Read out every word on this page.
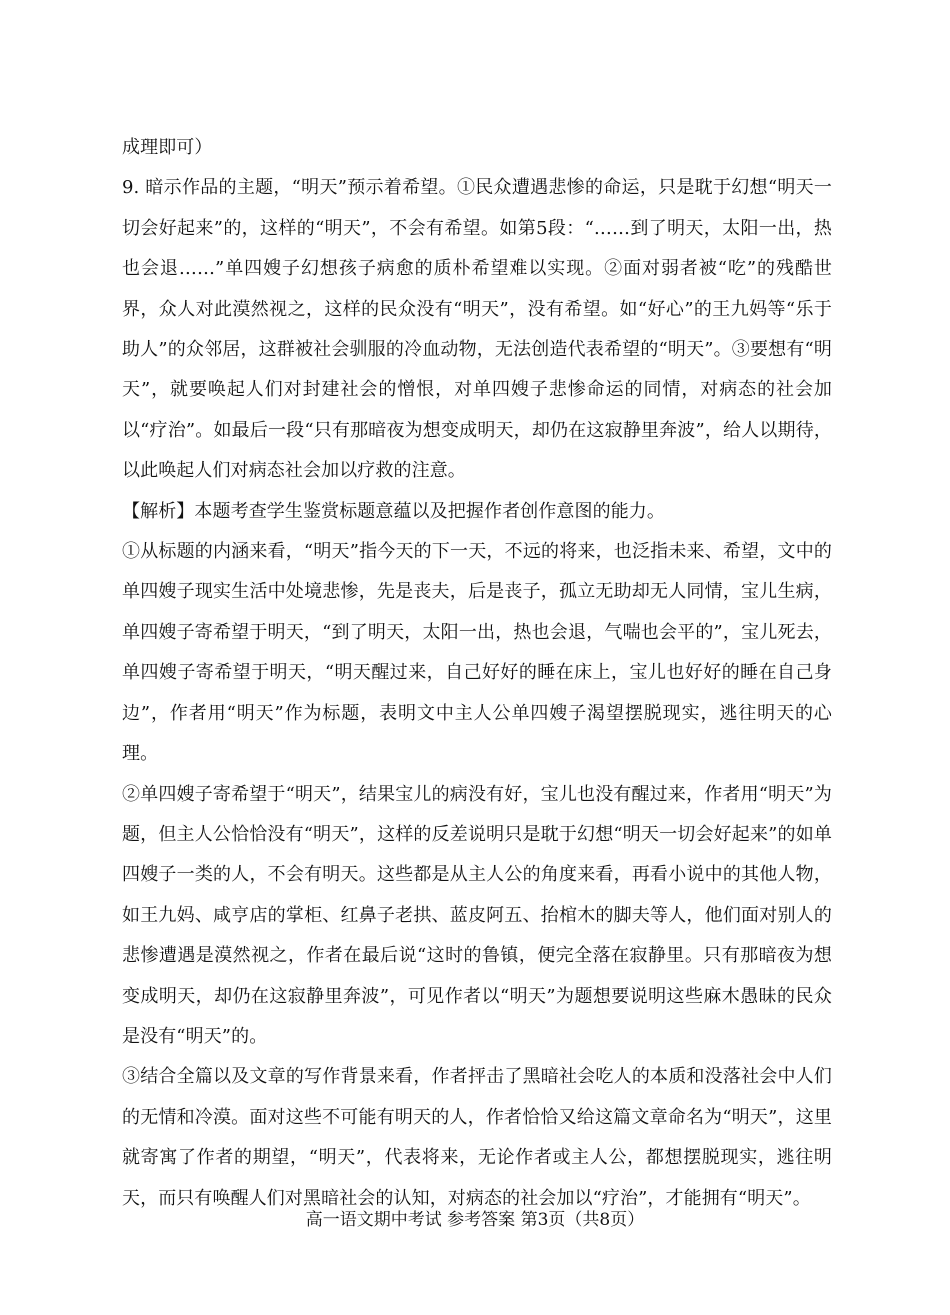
成理即可）

9. 暗示作品的主题，“明天”预示着希望。①民众遭遇悲惨的命运，只是耽于幻想“明天一切会好起来”的，这样的“明天”，不会有希望。如第5段：“……到了明天，太阳一出，热也会退……”单四嫂子幻想孩子病愈的质朴希望难以实现。②面对弱者被“吃”的残酷世界，众人对此漠然视之，这样的民众没有“明天”，没有希望。如“好心”的王九妈等“乐于助人”的众邻居，这群被社会驯服的冷血动物，无法创造代表希望的“明天”。③要想有“明天”，就要唤起人们对封建社会的憎恨，对单四嫂子悲惨命运的同情，对病态的社会加以“疗治”。如最后一段“只有那暗夜为想变成明天，却仍在这寂静里奔波”，给人以期待，以此唤起人们对病态社会加以疗救的注意。

【解析】本题考查学生鉴赏标题意蕴以及把握作者创作意图的能力。

①从标题的内涵来看，“明天”指今天的下一天，不远的将来，也泛指未来、希望，文中的单四嫂子现实生活中处境悲惨，先是丧夫，后是丧子，孤立无助却无人同情，宝儿生病，单四嫂子寄希望于明天，“到了明天，太阳一出，热也会退，气喘也会平的”，宝儿死去，单四嫂子寄希望于明天，“明天醒过来，自己好好的睡在床上，宝儿也好好的睡在自己身边”，作者用“明天”作为标题，表明文中主人公单四嫂子渴望摆脱现实，逃往明天的心理。

②单四嫂子寄希望于“明天”，结果宝儿的病没有好，宝儿也没有醒过来，作者用“明天”为题，但主人公恰恰没有“明天”，这样的反差说明只是耽于幻想“明天一切会好起来”的如单四嫂子一类的人，不会有明天。这些都是从主人公的角度来看，再看小说中的其他人物，如王九妈、咸亨店的掌柜、红鼻子老拱、蓝皮阿五、抬棺木的脚夫等人，他们面对别人的悲惨遭遇是漠然视之，作者在最后说“这时的鲁镇，便完全落在寂静里。只有那暗夜为想变成明天，却仍在这寂静里奔波”，可见作者以“明天”为题想要说明这些麻木愚昧的民众是没有“明天”的。

③结合全篇以及文章的写作背景来看，作者抨击了黑暗社会吃人的本质和没落社会中人们的无情和冷漠。面对这些不可能有明天的人，作者恰恰又给这篇文章命名为“明天”，这里就寄寓了作者的期望，“明天”，代表将来，无论作者或主人公，都想摆脱现实，逃往明天，而只有唤醒人们对黑暗社会的认知，对病态的社会加以“疗治”，才能拥有“明天”。

高一语文期中考试 参考答案 第3页（共8页）
